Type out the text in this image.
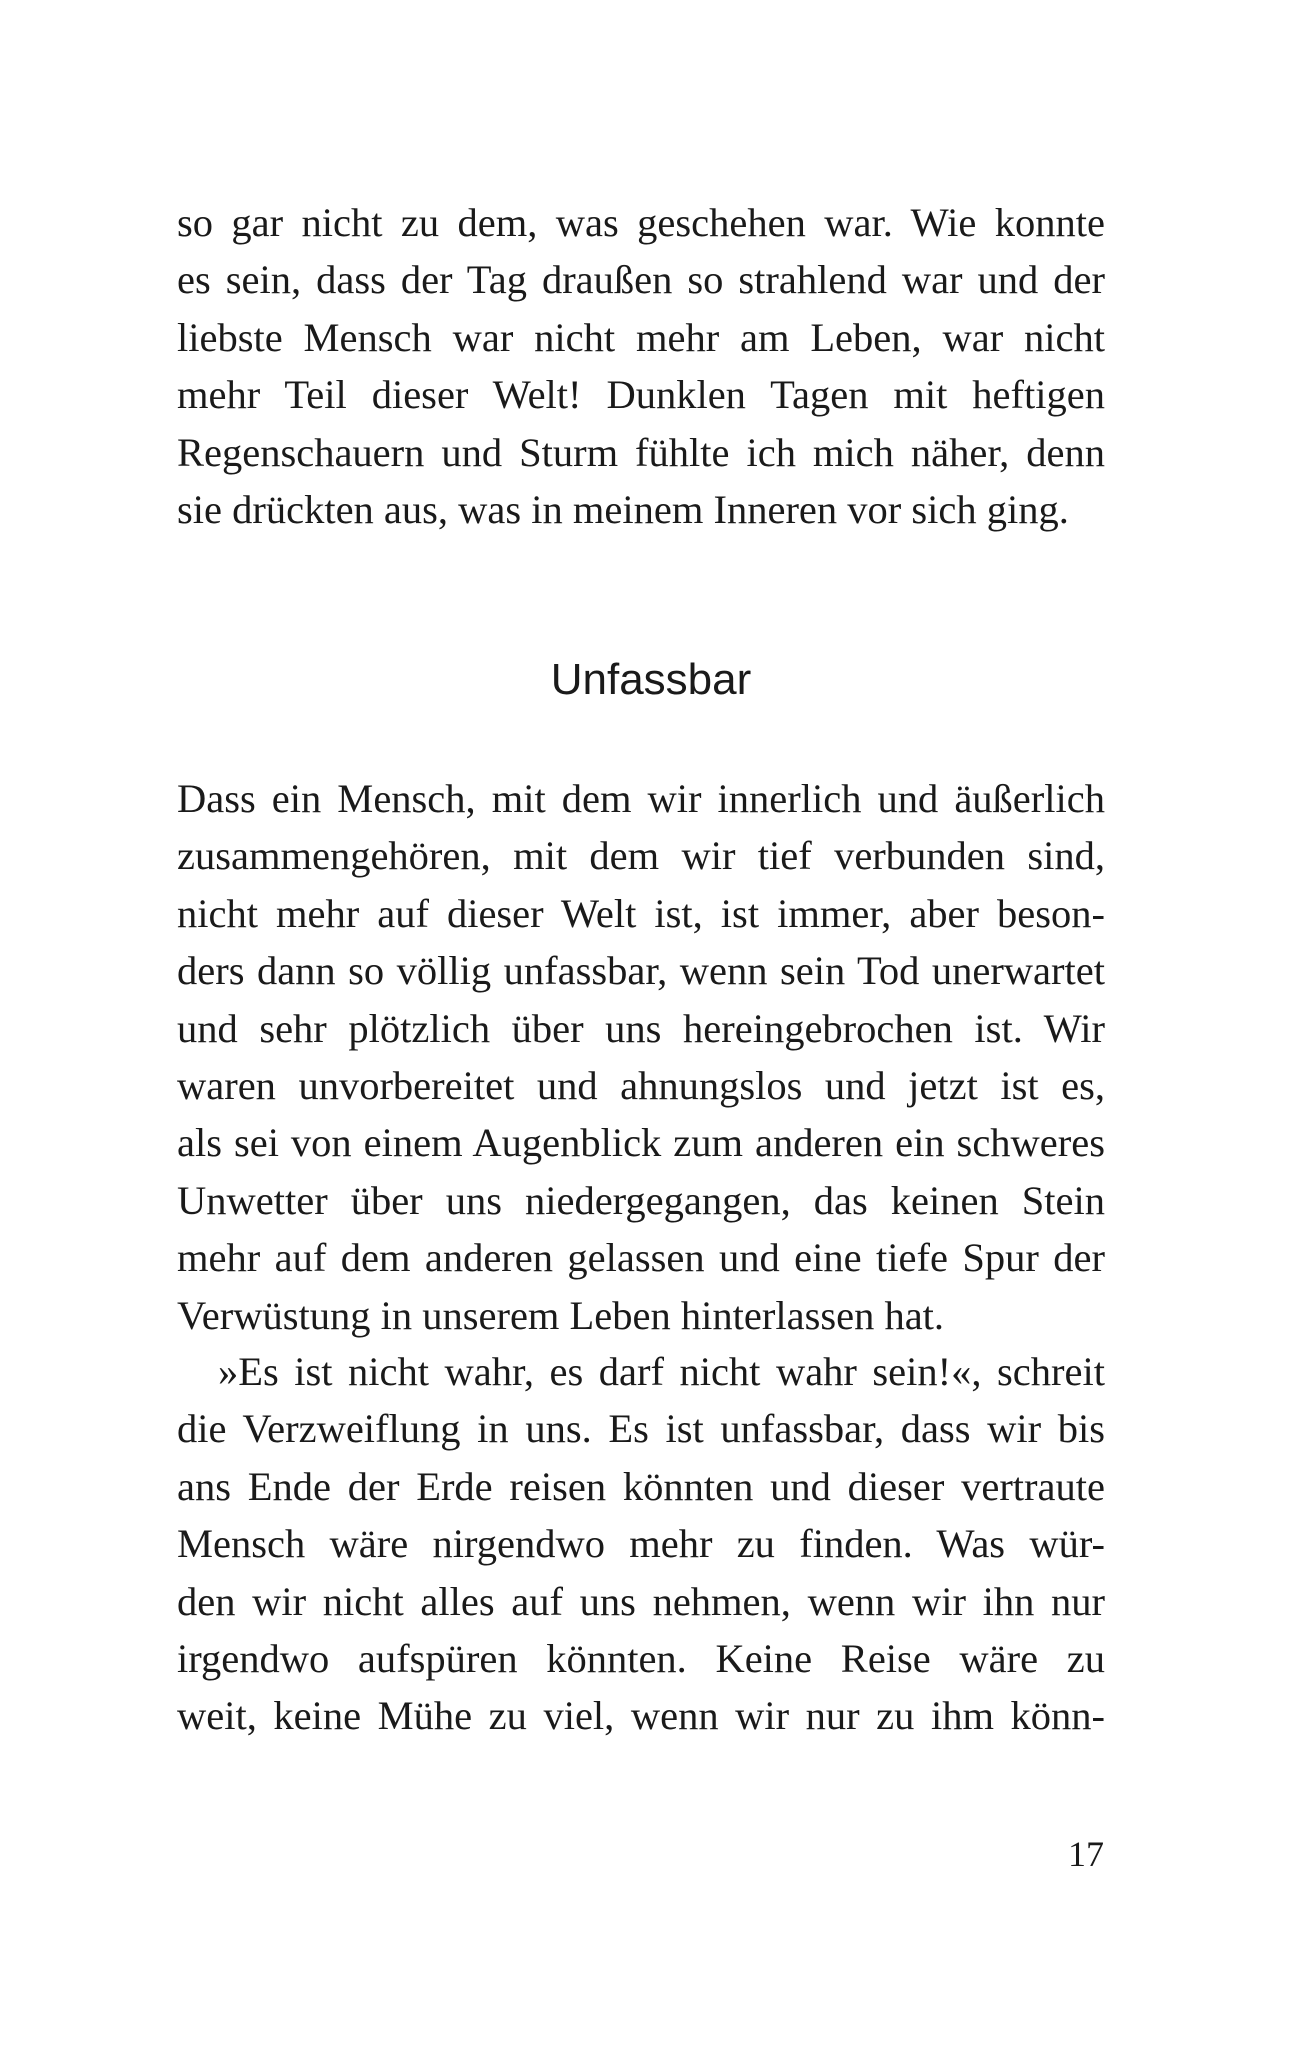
so gar nicht zu dem, was geschehen war. Wie konnte
es sein, dass der Tag draußen so strahlend war und der
liebste Mensch war nicht mehr am Leben, war nicht
mehr Teil dieser Welt! Dunklen Tagen mit heftigen
Regenschauern und Sturm fühlte ich mich näher, denn
sie drückten aus, was in meinem Inneren vor sich ging.
Unfassbar
Dass ein Mensch, mit dem wir innerlich und äußerlich
zusammengehören, mit dem wir tief verbunden sind,
nicht mehr auf dieser Welt ist, ist immer, aber beson-
ders dann so völlig unfassbar, wenn sein Tod unerwartet
und sehr plötzlich über uns hereingebrochen ist. Wir
waren unvorbereitet und ahnungslos und jetzt ist es,
als sei von einem Augenblick zum anderen ein schweres
Unwetter über uns niedergegangen, das keinen Stein
mehr auf dem anderen gelassen und eine tiefe Spur der
Verwüstung in unserem Leben hinterlassen hat.
»Es ist nicht wahr, es darf nicht wahr sein!«, schreit
die Verzweiflung in uns. Es ist unfassbar, dass wir bis
ans Ende der Erde reisen könnten und dieser vertraute
Mensch wäre nirgendwo mehr zu finden. Was wür-
den wir nicht alles auf uns nehmen, wenn wir ihn nur
irgendwo aufspüren könnten. Keine Reise wäre zu
weit, keine Mühe zu viel, wenn wir nur zu ihm könn-
17
